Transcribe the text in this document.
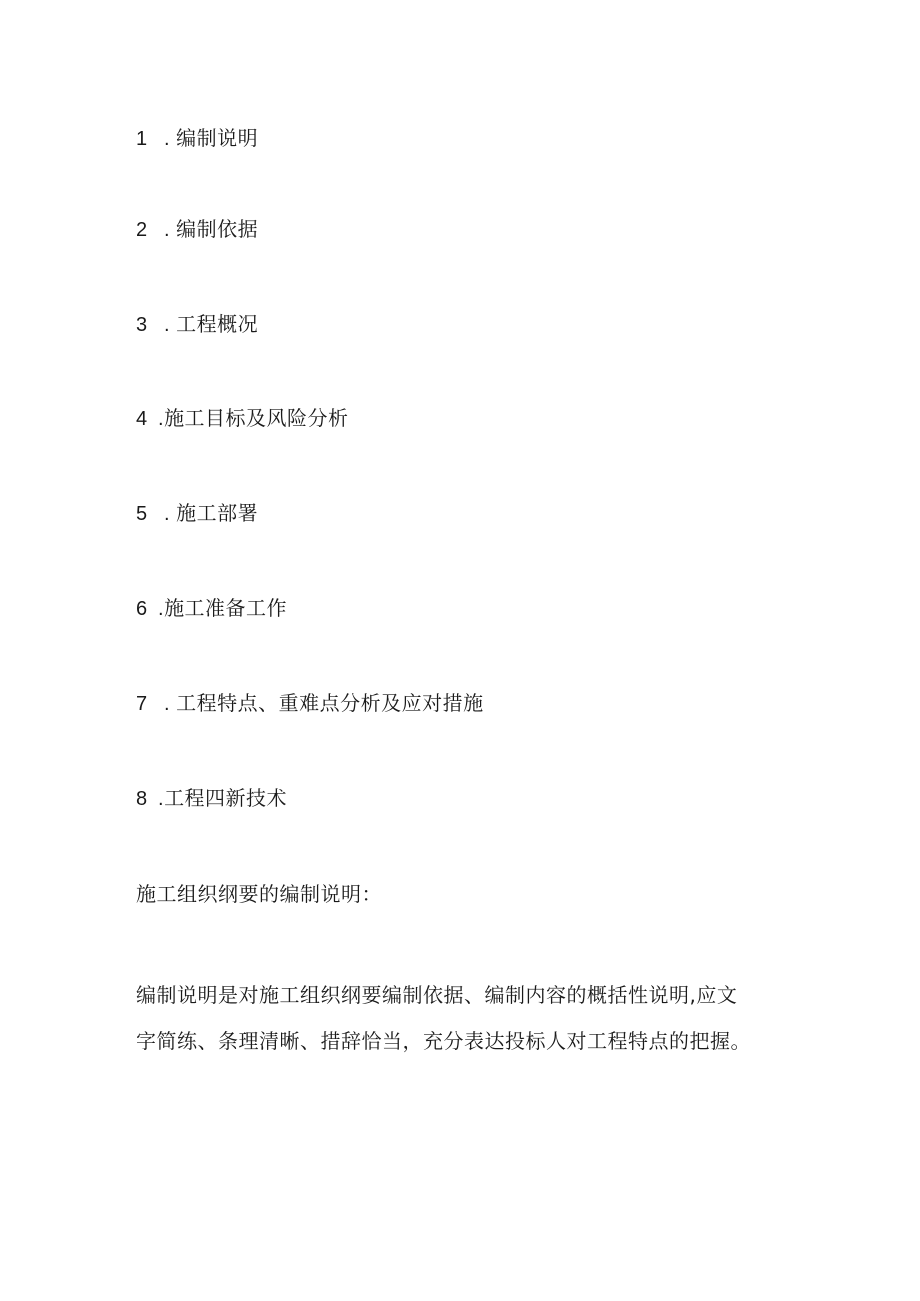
1 . 编制说明
2 . 编制依据
3 . 工程概况
4 .施工目标及风险分析
5 . 施工部署
6 .施工准备工作
7 . 工程特点、重难点分析及应对措施
8 .工程四新技术
施工组织纲要的编制说明：
编制说明是对施工组织纲要编制依据、编制内容的概括性说明,应文
字简练、条理清晰、措辞恰当，充分表达投标人对工程特点的把握。
